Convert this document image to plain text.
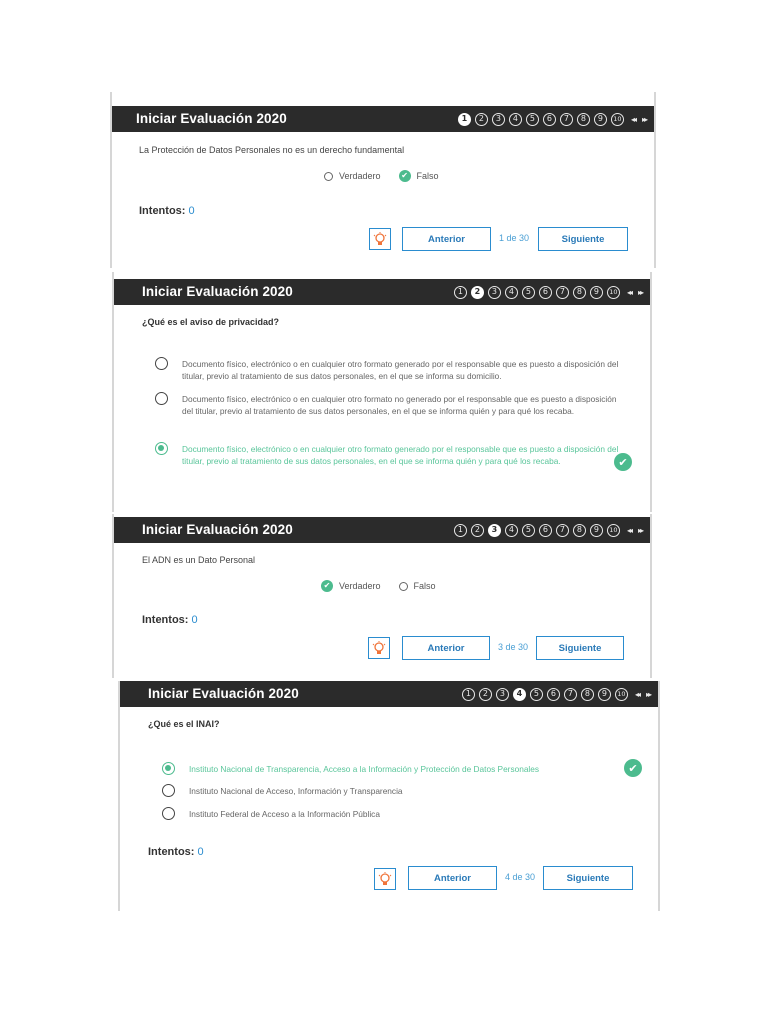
Iniciar Evaluación 2020	1	2	3	4	5	6	7	8	9	10 ◂◂ ▸▸
La Protección de Datos Personales no es un derecho fundamental
Verdadero	✔ Falso
Intentos: 0
Anterior	1 de 30	Siguiente
Iniciar Evaluación 2020	1	2	3	4	5	6	7	8	9	10 ◂◂ ▸▸
¿Qué es el aviso de privacidad?
Documento físico, electrónico o en cualquier otro formato generado por el responsable que es puesto a disposición del titular, previo al tratamiento de sus datos personales, en el que se informa su domicilio.
Documento físico, electrónico o en cualquier otro formato no generado por el responsable que es puesto a disposición del titular, previo al tratamiento de sus datos personales, en el que se informa quién y para qué los recaba.
Documento físico, electrónico o en cualquier otro formato generado por el responsable que es puesto a disposición del titular, previo al tratamiento de sus datos personales, en el que se informa quién y para qué los recaba.	✔
Iniciar Evaluación 2020	1	2	3	4	5	6	7	8	9	10 ◂◂ ▸▸
El ADN es un Dato Personal
✔ Verdadero	Falso
Intentos: 0
Anterior	3 de 30	Siguiente
Iniciar Evaluación 2020	1	2	3	4	5	6	7	8	9	10 ◂◂ ▸▸
¿Qué es el INAI?
Instituto Nacional de Transparencia, Acceso a la Información y Protección de Datos Personales	✔
Instituto Nacional de Acceso, Información y Transparencia
Instituto Federal de Acceso a la Información Pública
Intentos: 0
Anterior	4 de 30	Siguiente
